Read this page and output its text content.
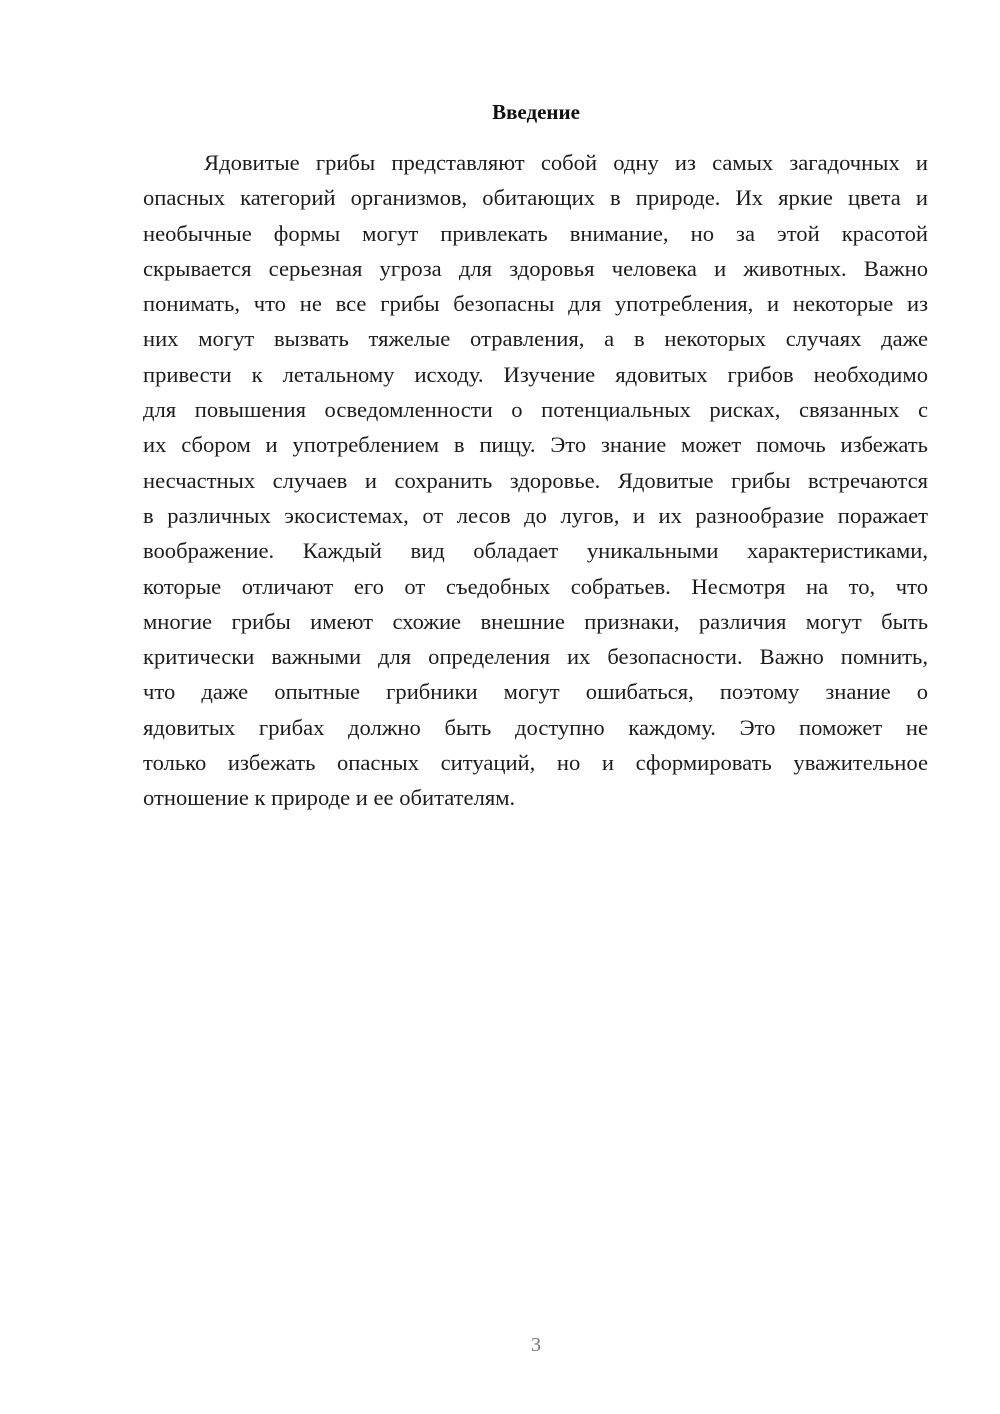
Введение
Ядовитые грибы представляют собой одну из самых загадочных и
опасных категорий организмов, обитающих в природе. Их яркие цвета и
необычные формы могут привлекать внимание, но за этой красотой
скрывается серьезная угроза для здоровья человека и животных. Важно
понимать, что не все грибы безопасны для употребления, и некоторые из
них могут вызвать тяжелые отравления, а в некоторых случаях даже
привести к летальному исходу. Изучение ядовитых грибов необходимо
для повышения осведомленности о потенциальных рисках, связанных с
их сбором и употреблением в пищу. Это знание может помочь избежать
несчастных случаев и сохранить здоровье. Ядовитые грибы встречаются
в различных экосистемах, от лесов до лугов, и их разнообразие поражает
воображение. Каждый вид обладает уникальными характеристиками,
которые отличают его от съедобных собратьев. Несмотря на то, что
многие грибы имеют схожие внешние признаки, различия могут быть
критически важными для определения их безопасности. Важно помнить,
что даже опытные грибники могут ошибаться, поэтому знание о
ядовитых грибах должно быть доступно каждому. Это поможет не
только избежать опасных ситуаций, но и сформировать уважительное
отношение к природе и ее обитателям.
3
